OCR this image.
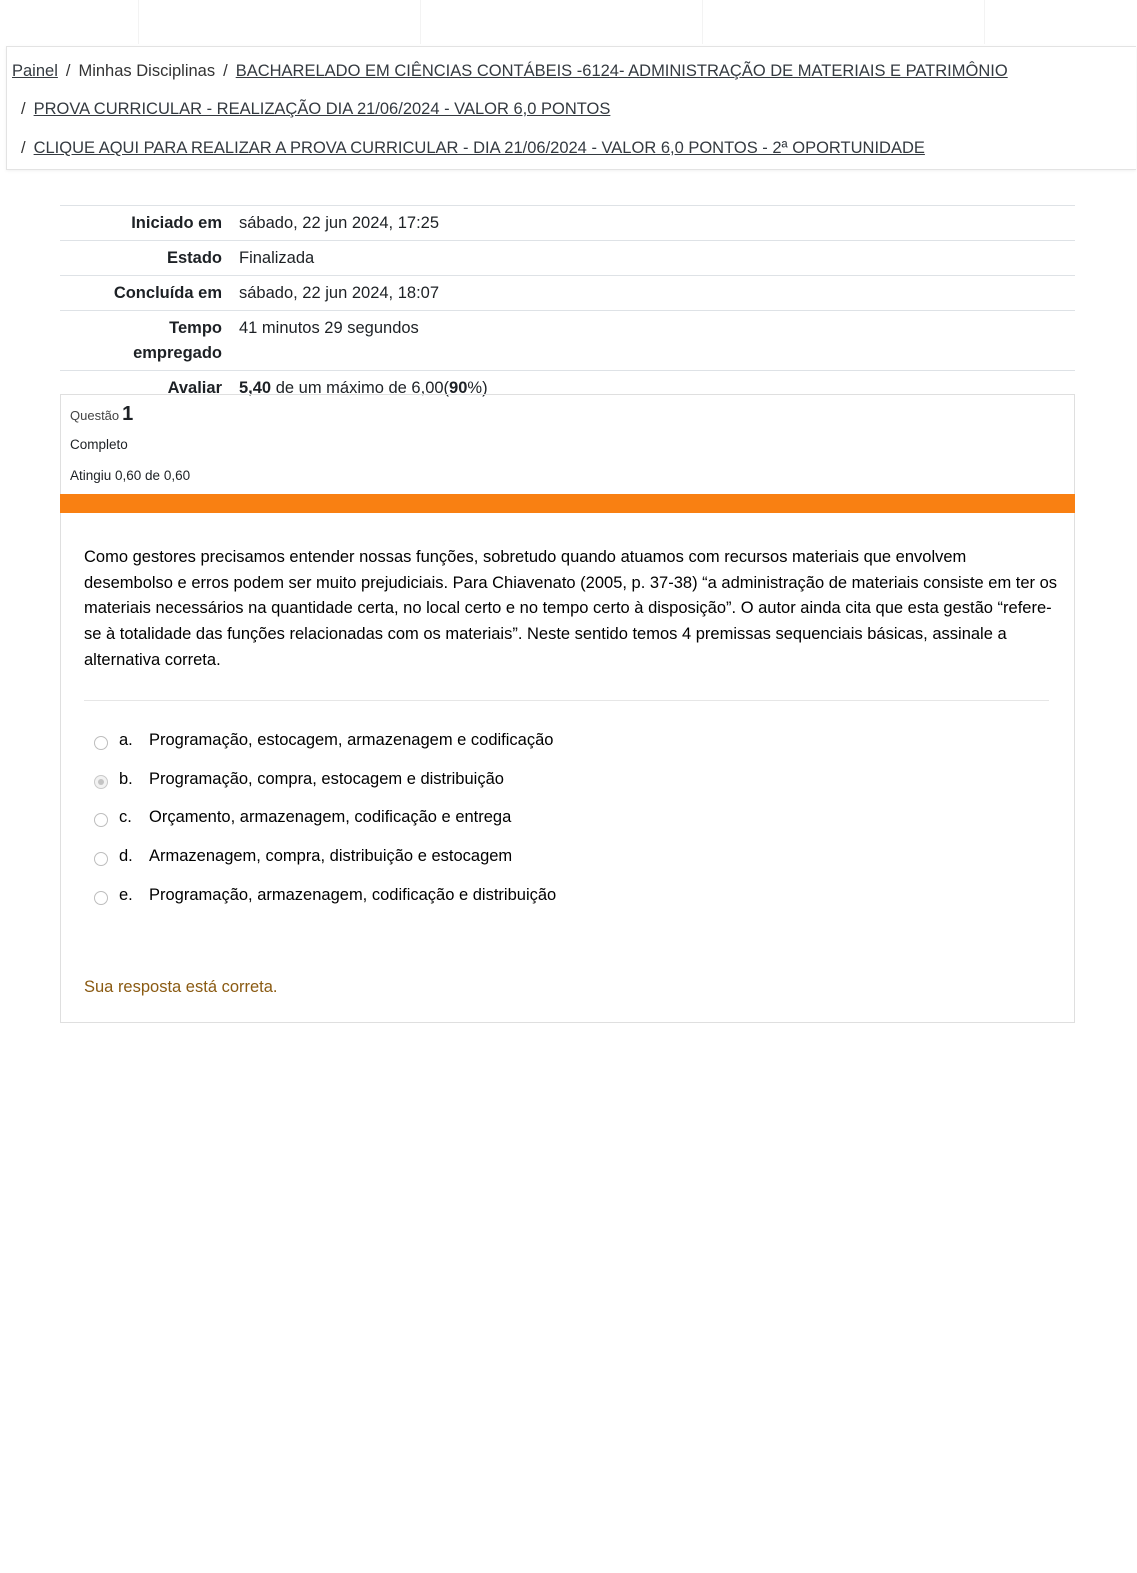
Painel / Minhas Disciplinas / BACHARELADO EM CIÊNCIAS CONTÁBEIS -6124- ADMINISTRAÇÃO DE MATERIAIS E PATRIMÔNIO
/ PROVA CURRICULAR - REALIZAÇÃO DIA 21/06/2024 - VALOR 6,0 PONTOS
/ CLIQUE AQUI PARA REALIZAR A PROVA CURRICULAR - DIA 21/06/2024 - VALOR 6,0 PONTOS - 2ª OPORTUNIDADE
Iniciado em	sábado, 22 jun 2024, 17:25
Estado	Finalizada
Concluída em	sábado, 22 jun 2024, 18:07
Tempo
empregado	41 minutos 29 segundos
Avaliar	5,40 de um máximo de 6,00(90%)
Questão 1
Completo
Atingiu 0,60 de 0,60
Como gestores precisamos entender nossas funções, sobretudo quando atuamos com recursos materiais que envolvem desembolso e erros podem ser muito prejudiciais. Para Chiavenato (2005, p. 37-38) “a administração de materiais consiste em ter os materiais necessários na quantidade certa, no local certo e no tempo certo à disposição”. O autor ainda cita que esta gestão “refere-se à totalidade das funções relacionadas com os materiais”. Neste sentido temos 4 premissas sequenciais básicas, assinale a alternativa correta.
a. Programação, estocagem, armazenagem e codificação
b. Programação, compra, estocagem e distribuição
c. Orçamento, armazenagem, codificação e entrega
d. Armazenagem, compra, distribuição e estocagem
e. Programação, armazenagem, codificação e distribuição
Sua resposta está correta.
